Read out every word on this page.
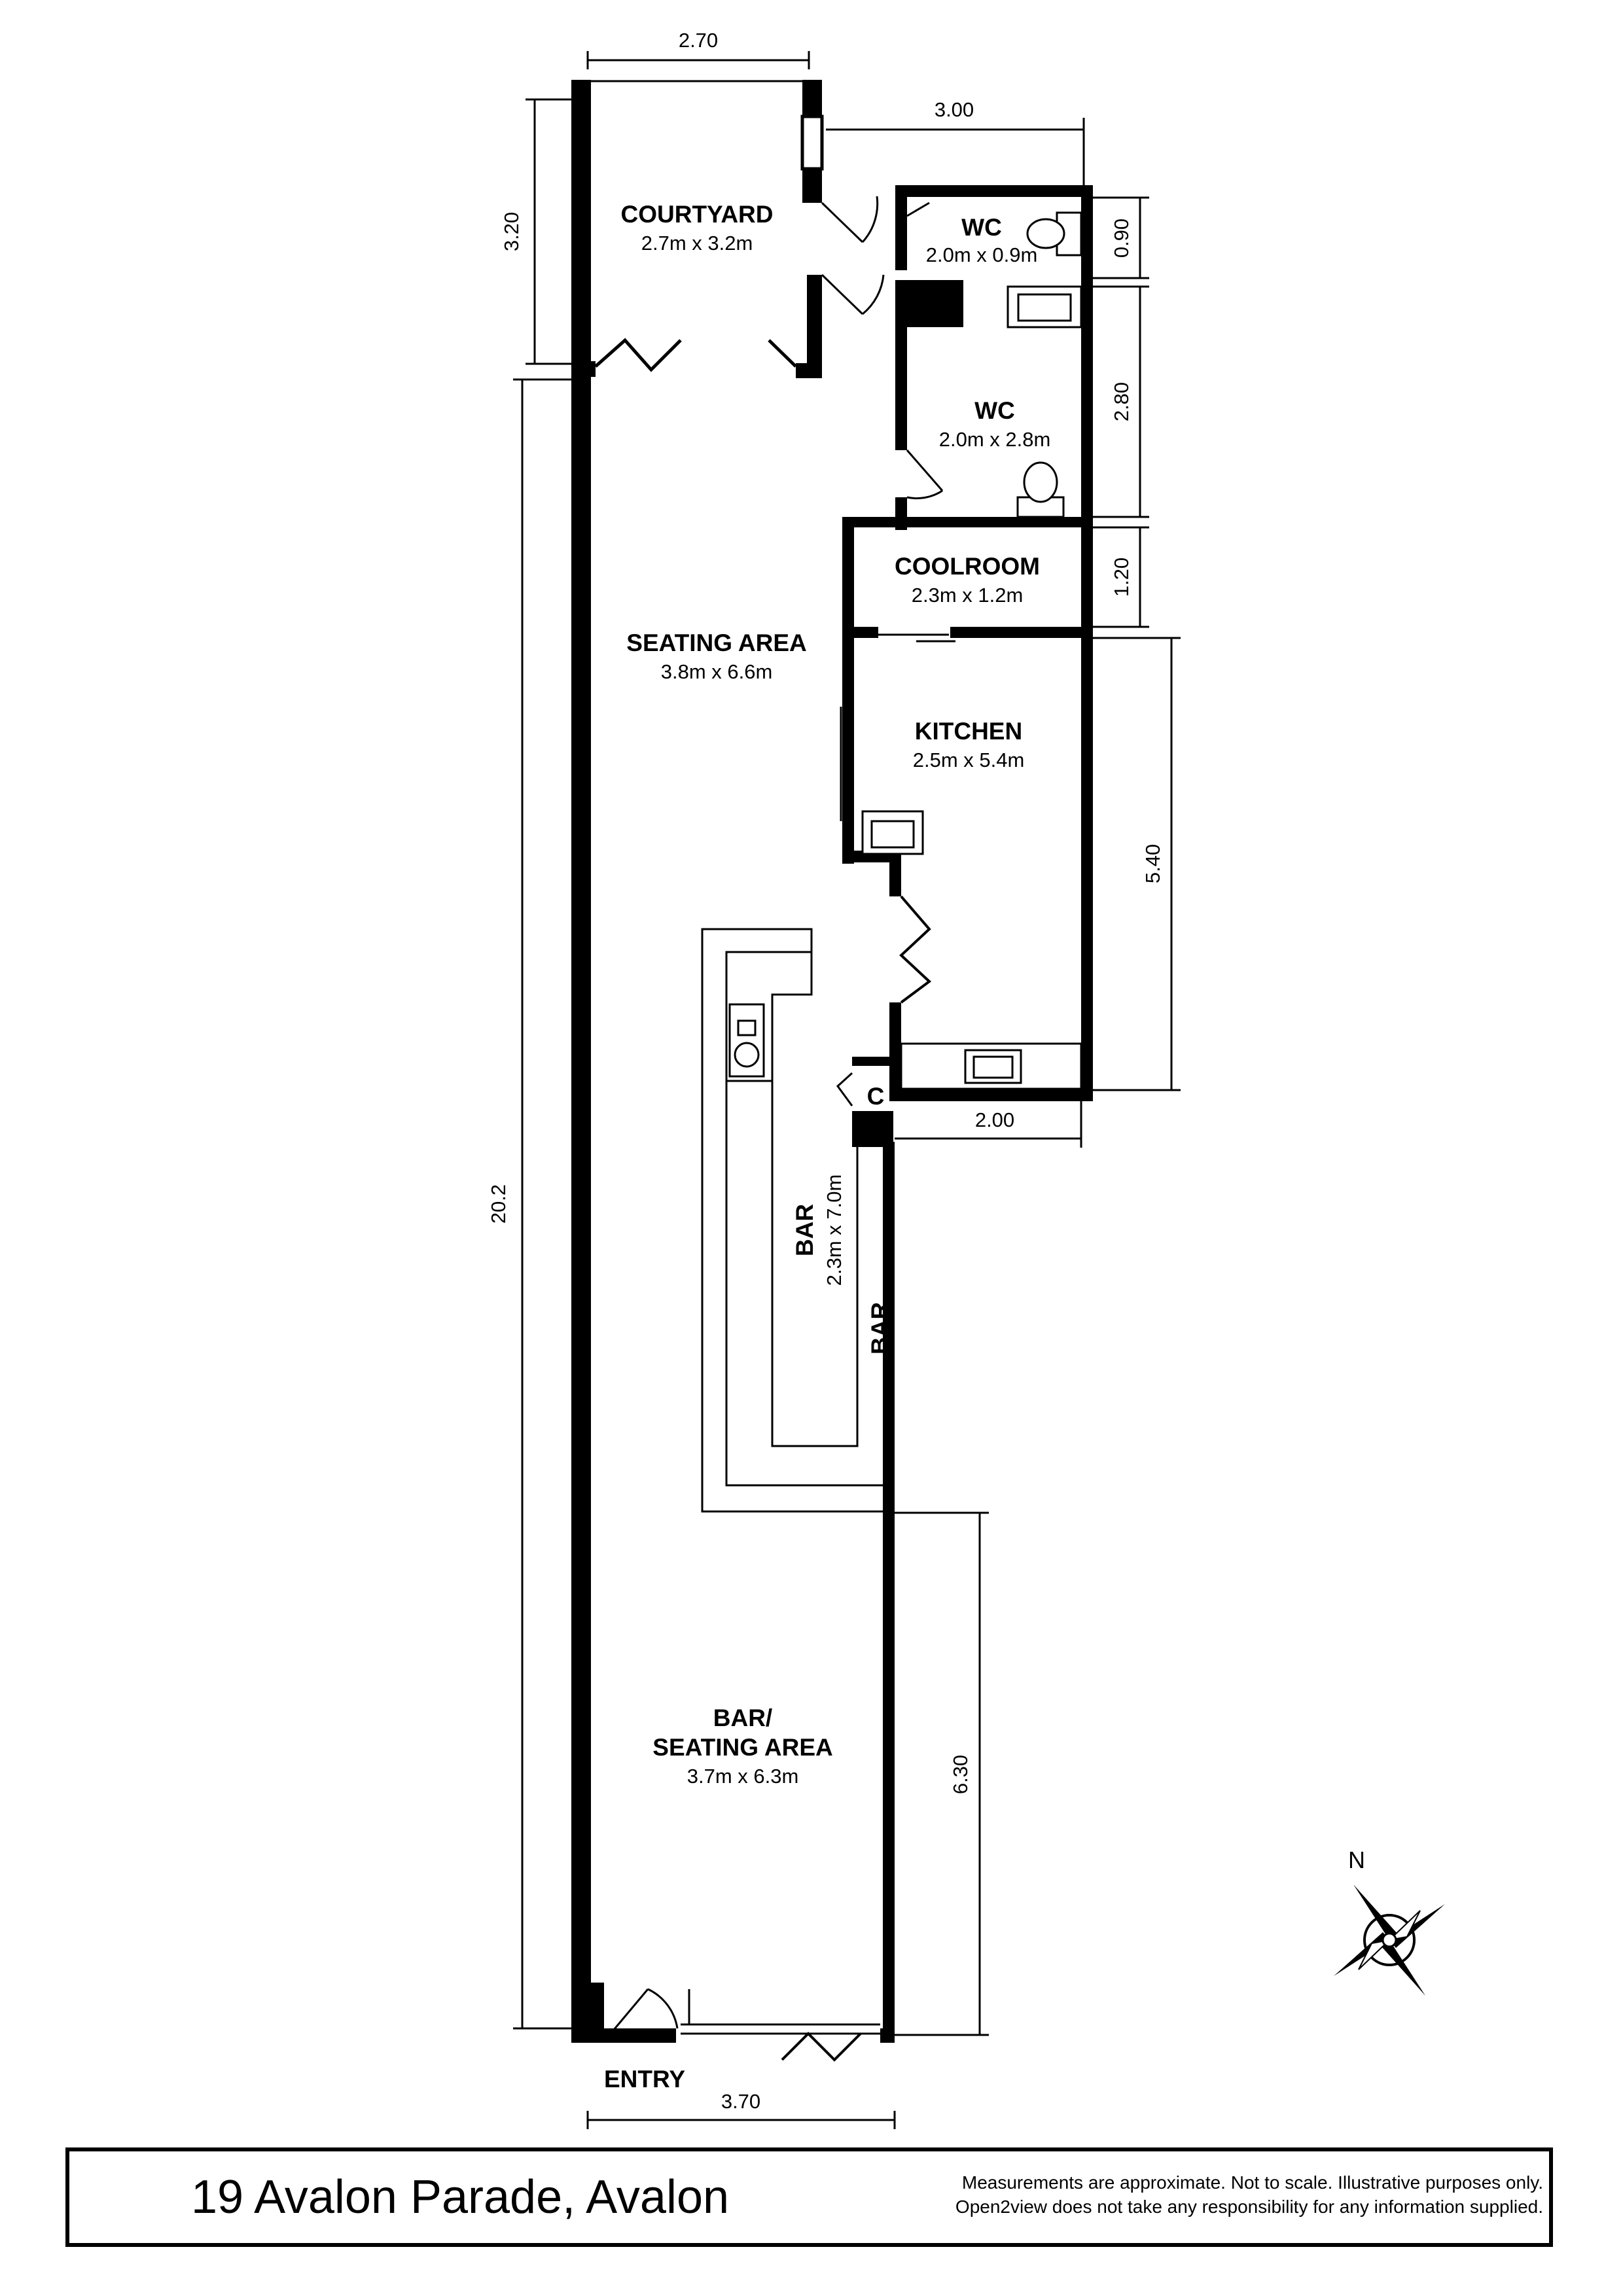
COURTYARD
2.7m x 3.2m
WC
2.0m x 0.9m
WC
2.0m x 2.8m
COOLROOM
2.3m x 1.2m
SEATING AREA
3.8m x 6.6m
KITCHEN
2.5m x 5.4m
C
BAR 2.3m x 7.0m
BAR
BAR/
SEATING AREA
3.7m x 6.3m
ENTRY
2.70
3.00
3.20
20.2
0.90
2.80
1.20
5.40
2.00
6.30
3.70
N
19 Avalon Parade, Avalon	Measurements are approximate. Not to scale. Illustrative purposes only.
Open2view does not take any responsibility for any information supplied.
